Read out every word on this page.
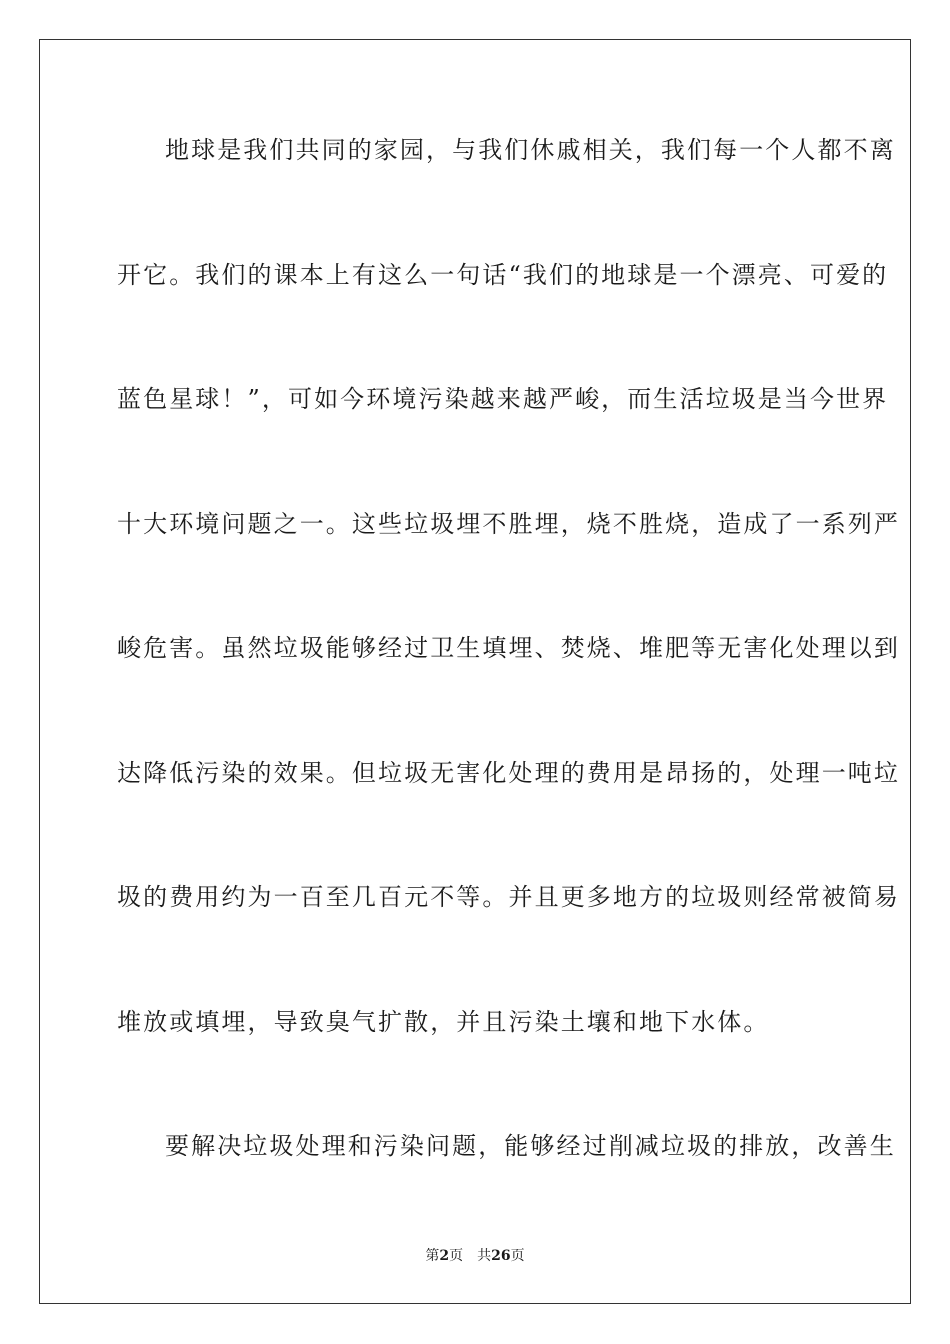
地球是我们共同的家园，与我们休戚相关，我们每一个人都不离
开它。我们的课本上有这么一句话“我们的地球是一个漂亮、可爱的
蓝色星球！”，可如今环境污染越来越严峻，而生活垃圾是当今世界
十大环境问题之一。这些垃圾埋不胜埋，烧不胜烧，造成了一系列严
峻危害。虽然垃圾能够经过卫生填埋、焚烧、堆肥等无害化处理以到
达降低污染的效果。但垃圾无害化处理的费用是昂扬的，处理一吨垃
圾的费用约为一百至几百元不等。并且更多地方的垃圾则经常被简易
堆放或填埋，导致臭气扩散，并且污染土壤和地下水体。
要解决垃圾处理和污染问题，能够经过削减垃圾的排放，改善生
第2页 共26页
